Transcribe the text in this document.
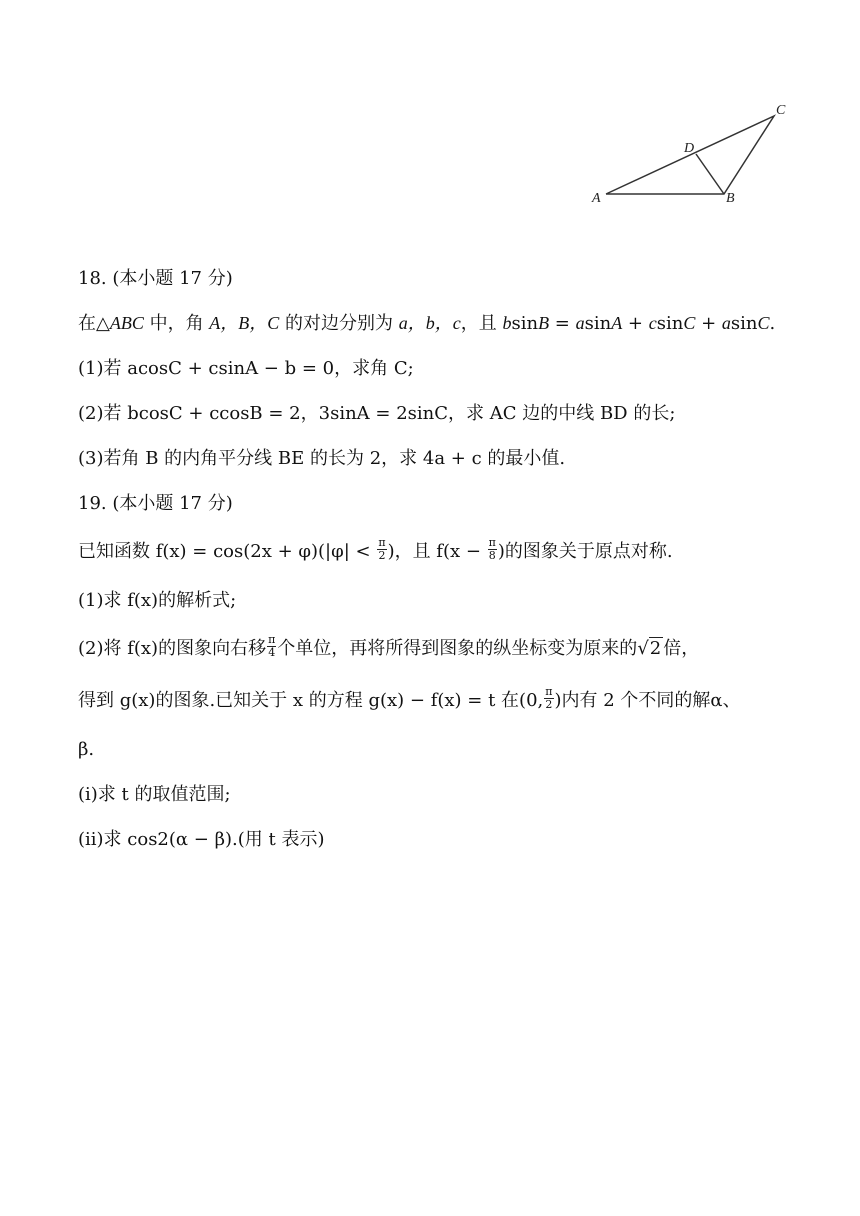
A	B
C
D
18. (本小题 17 分)
在△ABC 中，角 A，B，C 的对边分别为 a，b，c，且 bsinB = asinA + csinC + asinC.
(1)若 acosC + csinA − b = 0，求角 C;
(2)若 bcosC + ccosB = 2，3sinA = 2sinC，求 AC 边的中线 BD 的长;
(3)若角 B 的内角平分线 BE 的长为 2，求 4a + c 的最小值.
19. (本小题 17 分)
已知函数 $f(x) = \cos(2x + \varphi)(|\varphi| < \frac{\pi}{2}$ )，且 $f(x - \frac{\pi}{8}$ )的图象关于原点对称.
(1)求 f(x)的解析式;
(2)将 f(x)的图象向右移 $\frac{\pi}{4}$ 个单位，再将所得到图象的纵坐标变为原来的√2 倍，
得到 g(x)的图象.已知关于 x 的方程 g(x) − f(x) = t 在(0, $\frac{\pi}{2}$ )内有 2 个不同的解α、
β.
(i)求 t 的取值范围;
(ii)求 cos2(α − β).(用 t 表示)
